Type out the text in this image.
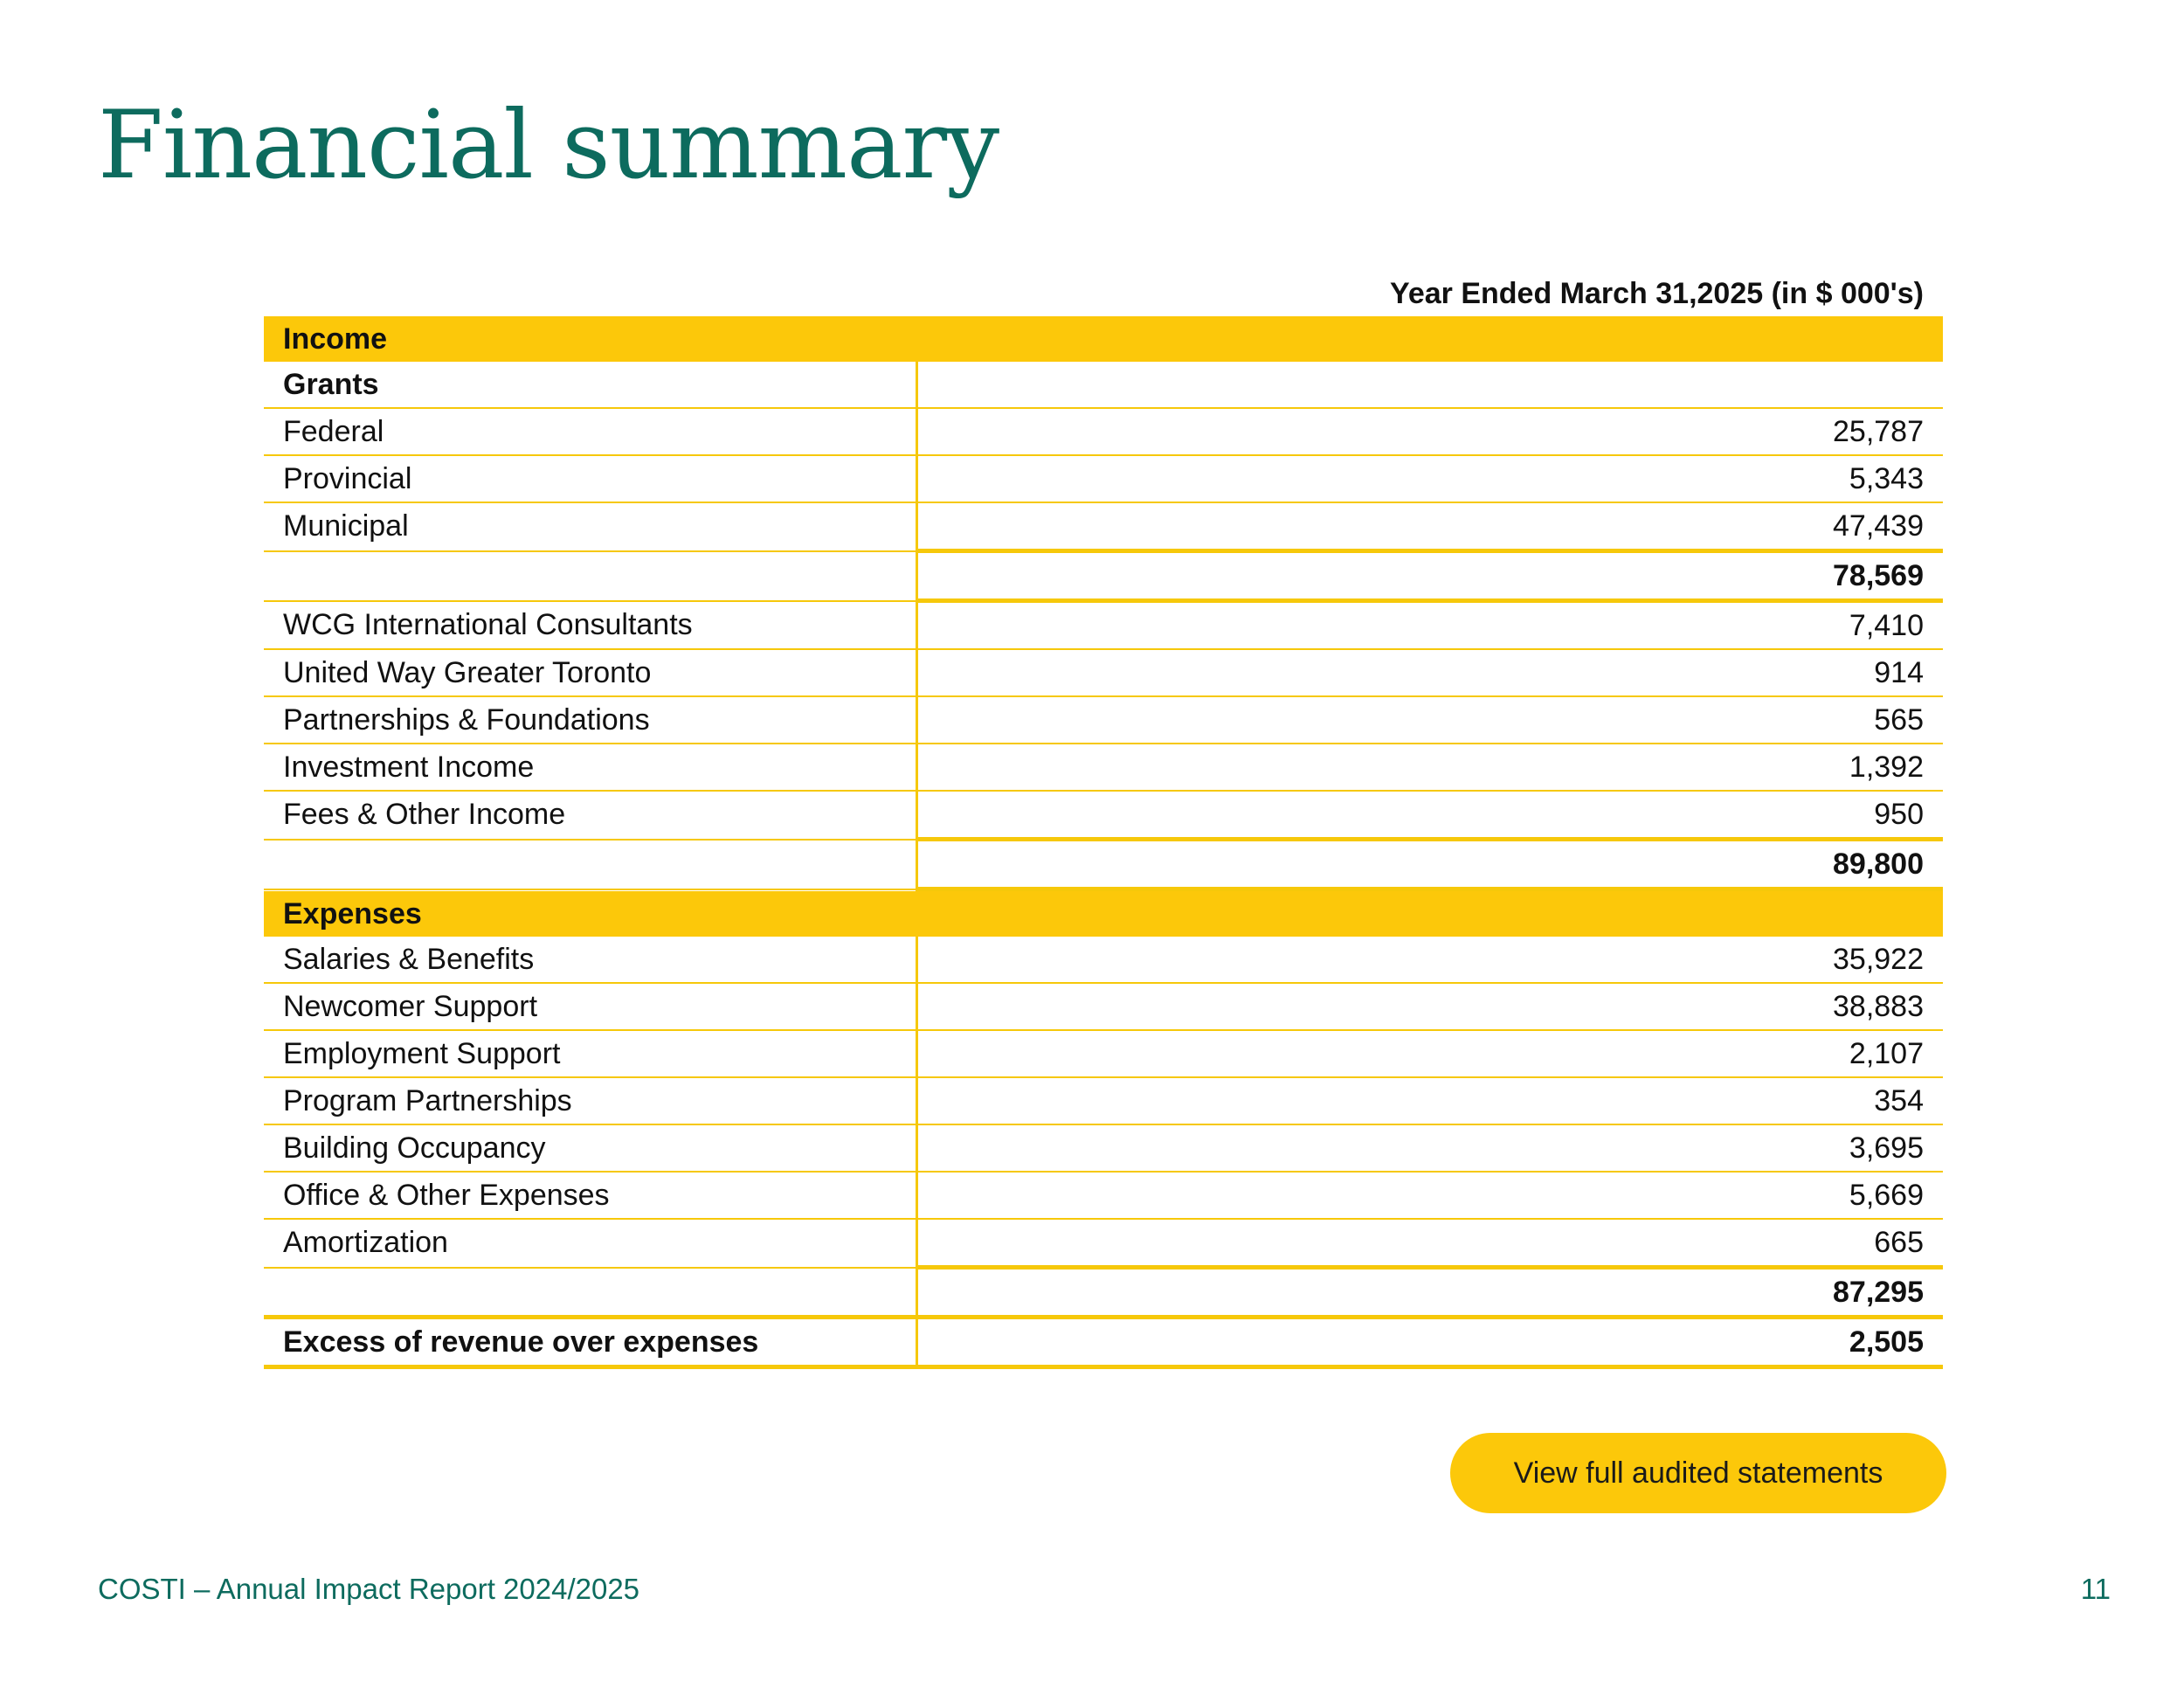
Financial summary
Year Ended March 31,2025 (in $ 000's)	
Income	
Grants	
Federal	25,787
Provincial	5,343
Municipal	47,439
	78,569
WCG International Consultants	7,410
United Way Greater Toronto	914
Partnerships & Foundations	565
Investment Income	1,392
Fees & Other Income	950
	89,800
Expenses	
Salaries & Benefits	35,922
Newcomer Support	38,883
Employment Support	2,107
Program Partnerships	354
Building Occupancy	3,695
Office & Other Expenses	5,669
Amortization	665
	87,295
Excess of revenue over expenses	2,505
View full audited statements
COSTI – Annual Impact Report 2024/2025	11
